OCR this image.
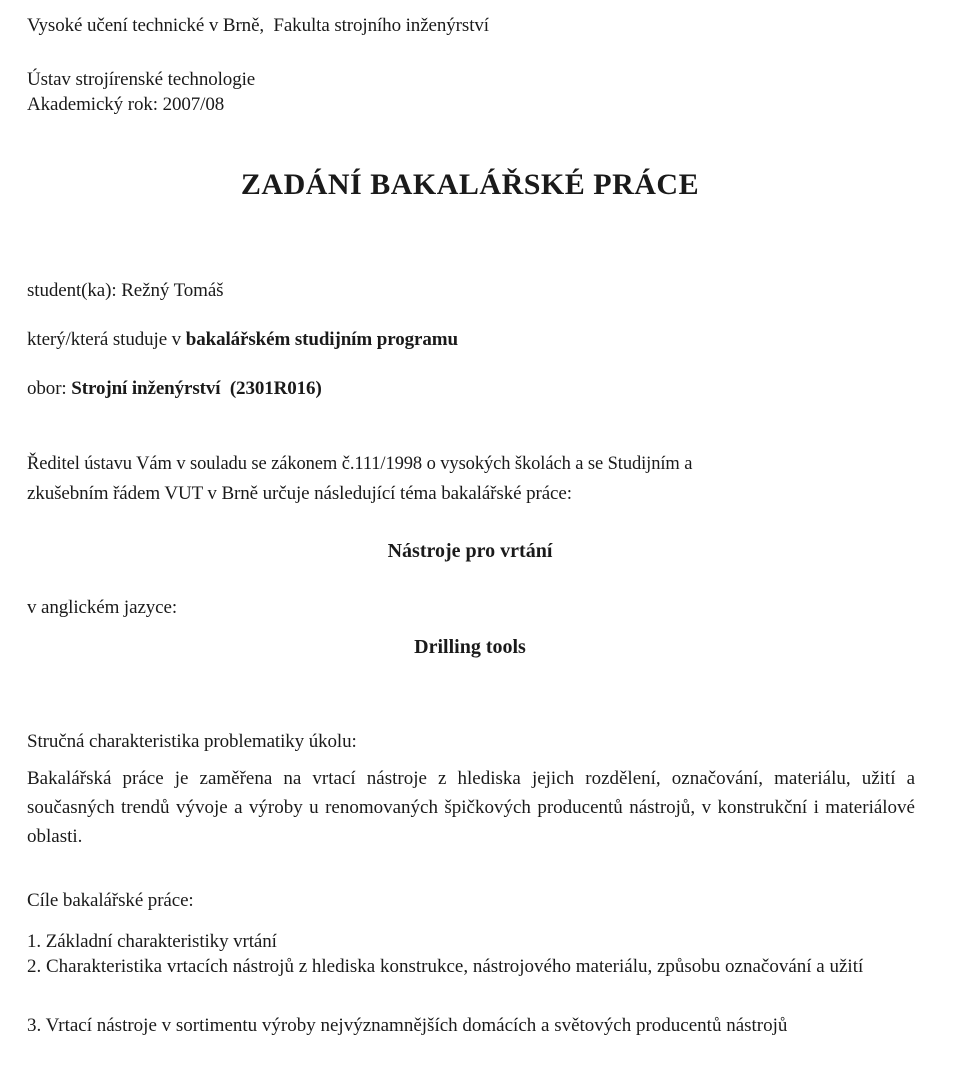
Vysoké učení technické v Brně, Fakulta strojního inženýrství
Ústav strojírenské technologie
Akademický rok: 2007/08
ZADÁNÍ BAKALÁŘSKÉ PRÁCE
student(ka): Režný Tomáš
který/která studuje v bakalářském studijním programu
obor: Strojní inženýrství (2301R016)
Ředitel ústavu Vám v souladu se zákonem č.111/1998 o vysokých školách a se Studijním a
zkušebním řádem VUT v Brně určuje následující téma bakalářské práce:
Nástroje pro vrtání
v anglickém jazyce:
Drilling tools
Stručná charakteristika problematiky úkolu:
Bakalářská práce je zaměřena na vrtací nástroje z hlediska jejich rozdělení, označování, materiálu, užití a současných trendů vývoje a výroby u renomovaných špičkových producentů nástrojů, v konstrukční i materiálové oblasti.
Cíle bakalářské práce:
1. Základní charakteristiky vrtání
2. Charakteristika vrtacích nástrojů z hlediska konstrukce, nástrojového materiálu, způsobu označování a užití
3. Vrtací nástroje v sortimentu výroby nejvýznamnějších domácích a světových producentů nástrojů
